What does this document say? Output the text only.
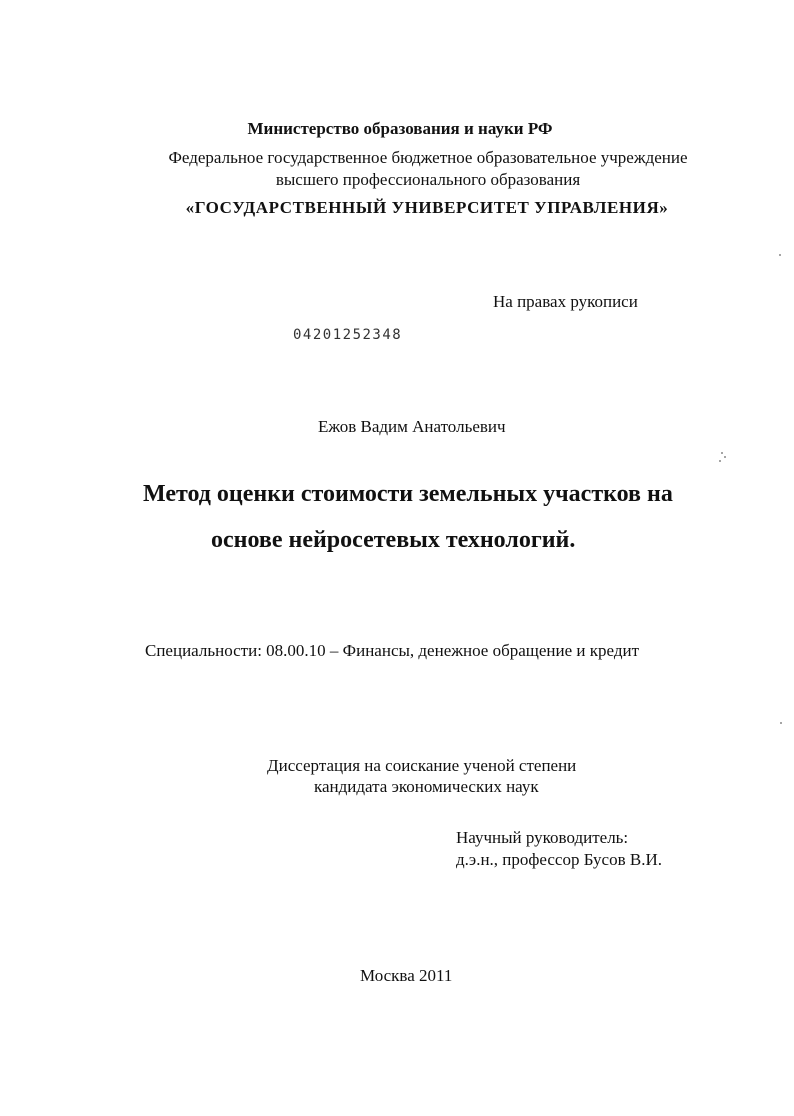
Министерство образования и науки РФ
Федеральное государственное бюджетное образовательное учреждение
высшего профессионального образования
«ГОСУДАРСТВЕННЫЙ УНИВЕРСИТЕТ УПРАВЛЕНИЯ»
На правах рукописи
04201252348
Ежов Вадим Анатольевич
Метод оценки стоимости земельных участков на
основе нейросетевых технологий.
Специальности: 08.00.10 – Финансы, денежное обращение и кредит
Диссертация на соискание ученой степени
кандидата экономических наук
Научный руководитель:
д.э.н., профессор Бусов В.И.
Москва 2011
